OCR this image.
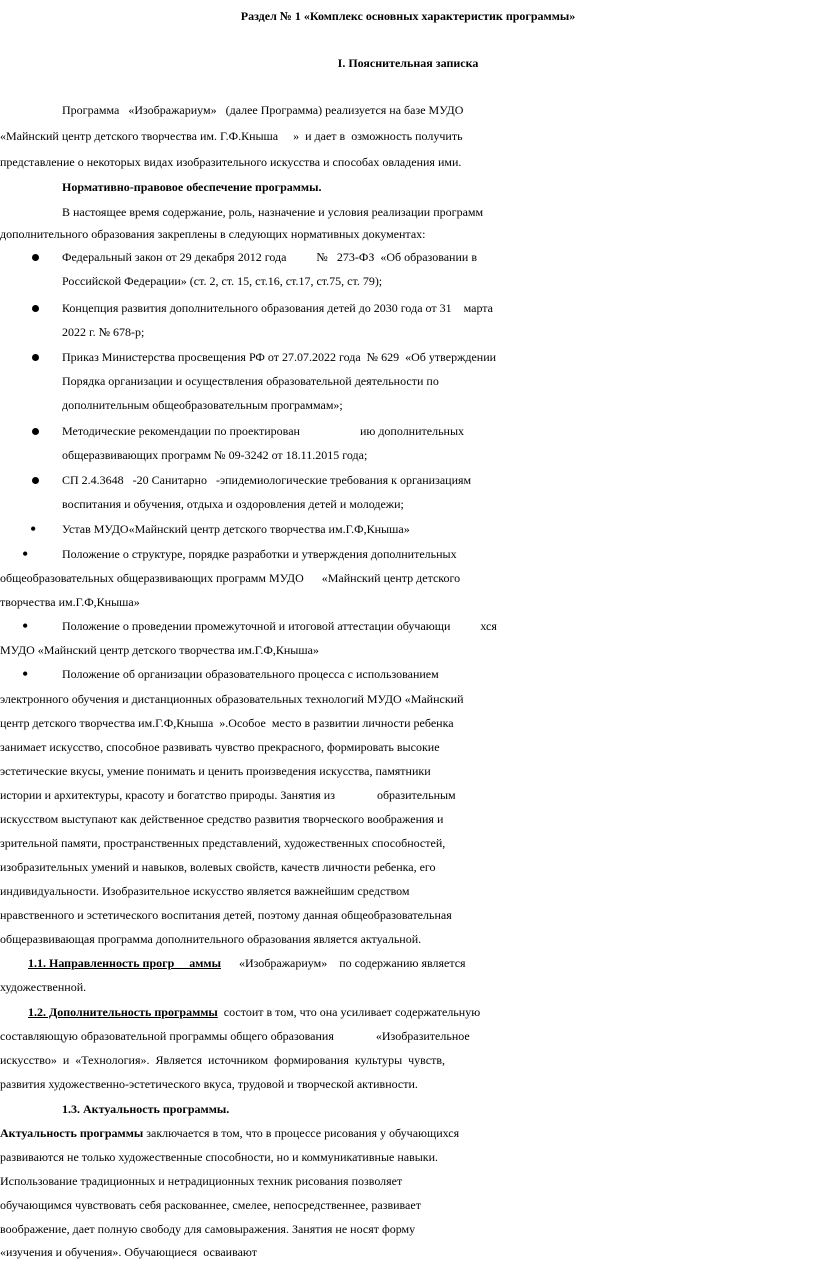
Раздел № 1 «Комплекс основных характеристик программы»
I. Пояснительная записка
Программа   «Изображариум»   (далее Программа) реализуется на базе МУДО
«Майнский центр детского творчества им. Г.Ф.Кныша     »  и дает в  озможность получить
представление о некоторых видах изобразительного искусства и способах овладения ими.
Нормативно-правовое обеспечение программы.
В настоящее время содержание, роль, назначение и условия реализации программ
дополнительного образования закреплены в следующих нормативных документах:
Федеральный закон от 29 декабря 2012 года          №   273-ФЗ  «Об образовании в
Российской Федерации» (ст. 2, ст. 15, ст.16, ст.17, ст.75, ст. 79);
Концепция развития дополнительного образования детей до 2030 года от 31    марта
2022 г. № 678-р;
Приказ Министерства просвещения РФ от 27.07.2022 года  № 629  «Об утверждении
Порядка организации и осуществления образовательной деятельности по
дополнительным общеобразовательным программам»;
Методические рекомендации по проектирован                    ию дополнительных
общеразвивающих программ № 09-3242 от 18.11.2015 года;
СП 2.4.3648   -20 Санитарно   -эпидемиологические требования к организациям
воспитания и обучения, отдыха и оздоровления детей и молодежи;
• Устав МУДО«Майнский центр детского творчества им.Г.Ф,Кныша»
•	Положение о структуре, порядке разработки и утверждения дополнительных
общеобразовательных общеразвивающих программ МУДО      «Майнский центр детского
творчества им.Г.Ф,Кныша»
•	Положение о проведении промежуточной и итоговой аттестации обучающи          хся
МУДО «Майнский центр детского творчества им.Г.Ф,Кныша»
•	Положение об организации образовательного процесса с использованием
электронного обучения и дистанционных образовательных технологий МУДО «Майнский
центр детского творчества им.Г.Ф,Кныша  ».Особое  место в развитии личности ребенка
занимает искусство, способное развивать чувство прекрасного, формировать высокие
эстетические вкусы, умение понимать и ценить произведения искусства, памятники
истории и архитектуры, красоту и богатство природы. Занятия из              образительным
искусством выступают как действенное средство развития творческого воображения и
зрительной памяти, пространственных представлений, художественных способностей,
изобразительных умений и навыков, волевых свойств, качеств личности ребенка, его
индивидуальности. Изобразительное искусство является важнейшим средством
нравственного и эстетического воспитания детей, поэтому данная общеобразовательная
общеразвивающая программа дополнительного образования является актуальной.
1.1. Направленность прогр     аммы      «Изображариум»    по содержанию является
художественной.
1.2. Дополнительность программы  состоит в том, что она усиливает содержательную
составляющую образовательной программы общего образования              «Изобразительное
искусство»  и  «Технология».  Является  источником  формирования  культуры  чувств,
развития художественно-эстетического вкуса, трудовой и творческой активности.
1.3. Актуальность программы.
Актуальность программы заключается в том, что в процессе рисования у обучающихся
развиваются не только художественные способности, но и коммуникативные навыки.
Использование традиционных и нетрадиционных техник рисования позволяет
обучающимся чувствовать себя раскованнее, смелее, непосредственнее, развивает
воображение, дает полную свободу для самовыражения. Занятия не носят форму
«изучения и обучения». Обучающиеся  осваивают
